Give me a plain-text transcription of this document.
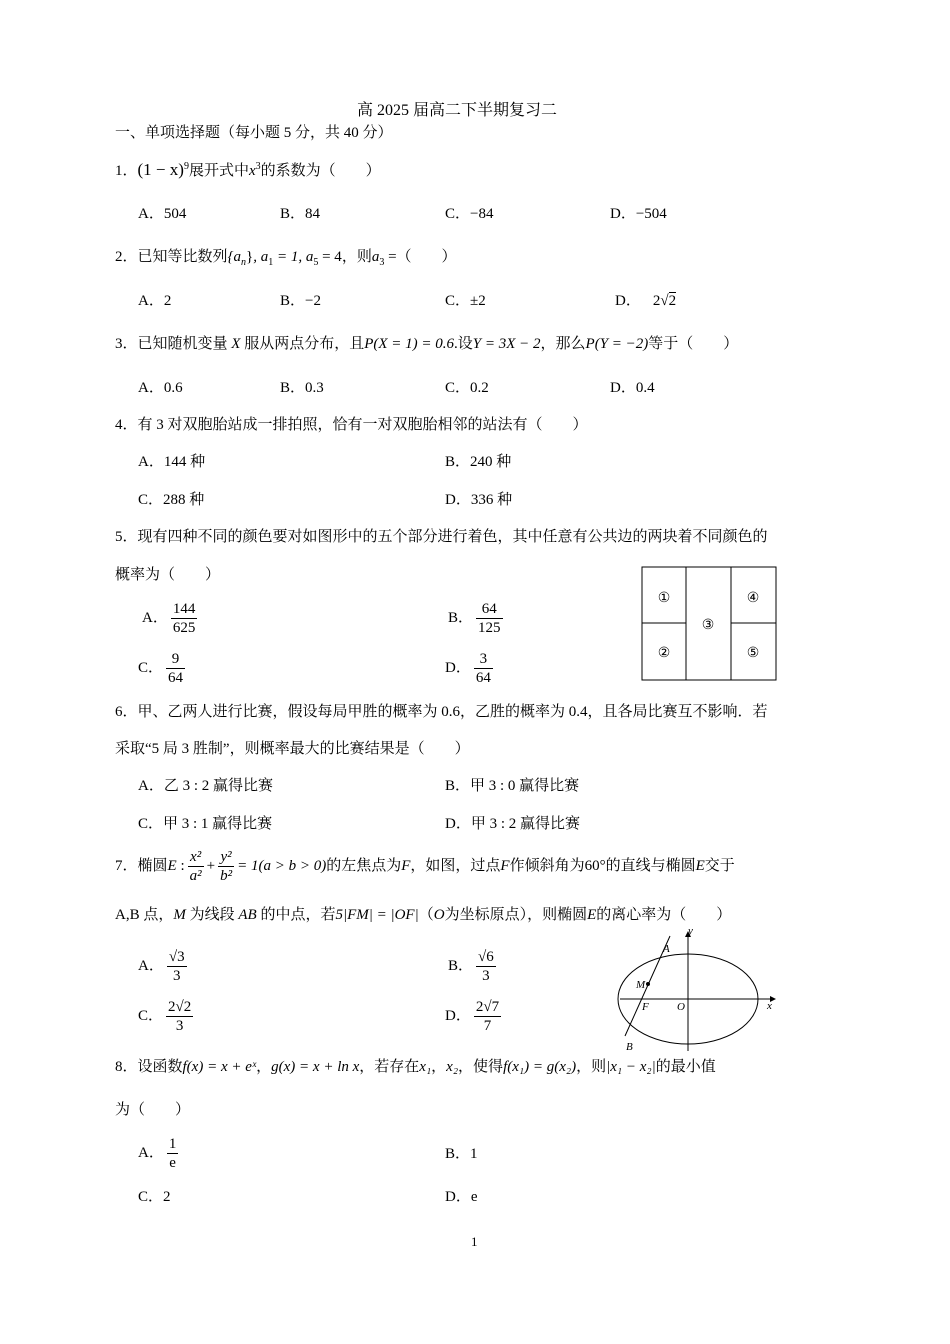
高 2025 届高二下半期复习二
一、单项选择题（每小题 5 分，共 40 分）
1．$(1 - x)^9$展开式中$x^3$的系数为（　　）
A．504	B．84	C．−84	D．−504
2．已知等比数列$\{a_n\}$, $a_1 = 1$, $a_5 = 4$，则$a_3$ =（　　）
A．2	B．−2	C．±2	D． 2√2
3．已知随机变量 X 服从两点分布，且P(X = 1) = 0.6.设Y = 3X − 2，那么P(Y = −2)等于（　　）
A．0.6	B．0.3	C．0.2	D．0.4
4．有 3 对双胞胎站成一排拍照，恰有一对双胞胎相邻的站法有（　　）
A．144 种	B．240 种
C．288 种	D．336 种
5．现有四种不同的颜色要对如图形中的五个部分进行着色，其中任意有公共边的两块着不同颜色的
概率为（　　）
A． $\frac{144}{625}$	B． $\frac{64}{125}$
C． $\frac{9}{64}$	D． $\frac{3}{64}$
①
②
③
④
⑤
6．甲、乙两人进行比赛，假设每局甲胜的概率为 0.6，乙胜的概率为 0.4，且各局比赛互不影响．若
采取“5 局 3 胜制”，则概率最大的比赛结果是（　　）
A．乙 3 : 2 赢得比赛	B．甲 3 : 0 赢得比赛
C．甲 3 : 1 赢得比赛	D．甲 3 : 2 赢得比赛
7．椭圆E : $\frac{\text{x²}}{\text{a²}} + \frac{\text{y²}}{\text{b²}} = 1(a > b > 0)$的左焦点为F，如图，过点F作倾斜角为60°的直线与椭圆E交于
A,B 点，M 为线段 AB 的中点，若5|FM| = |OF|（O为坐标原点），则椭圆E的离心率为（　　）
A． $\frac{√3}{3}$	B． $\frac{√6}{3}$
C． $\frac{2√2}{3}$	D． $\frac{2√7}{7}$
y
x
A
M
F	O
B
8．设函数f(x) = x + eˣ，g(x) = x + ln x，若存在x₁，x₂，使得f(x₁) = g(x₂)，则|x₁ − x₂|的最小值
为（　　）
A． $\frac{1}{e}$	B．1
C．2	D．e
1
